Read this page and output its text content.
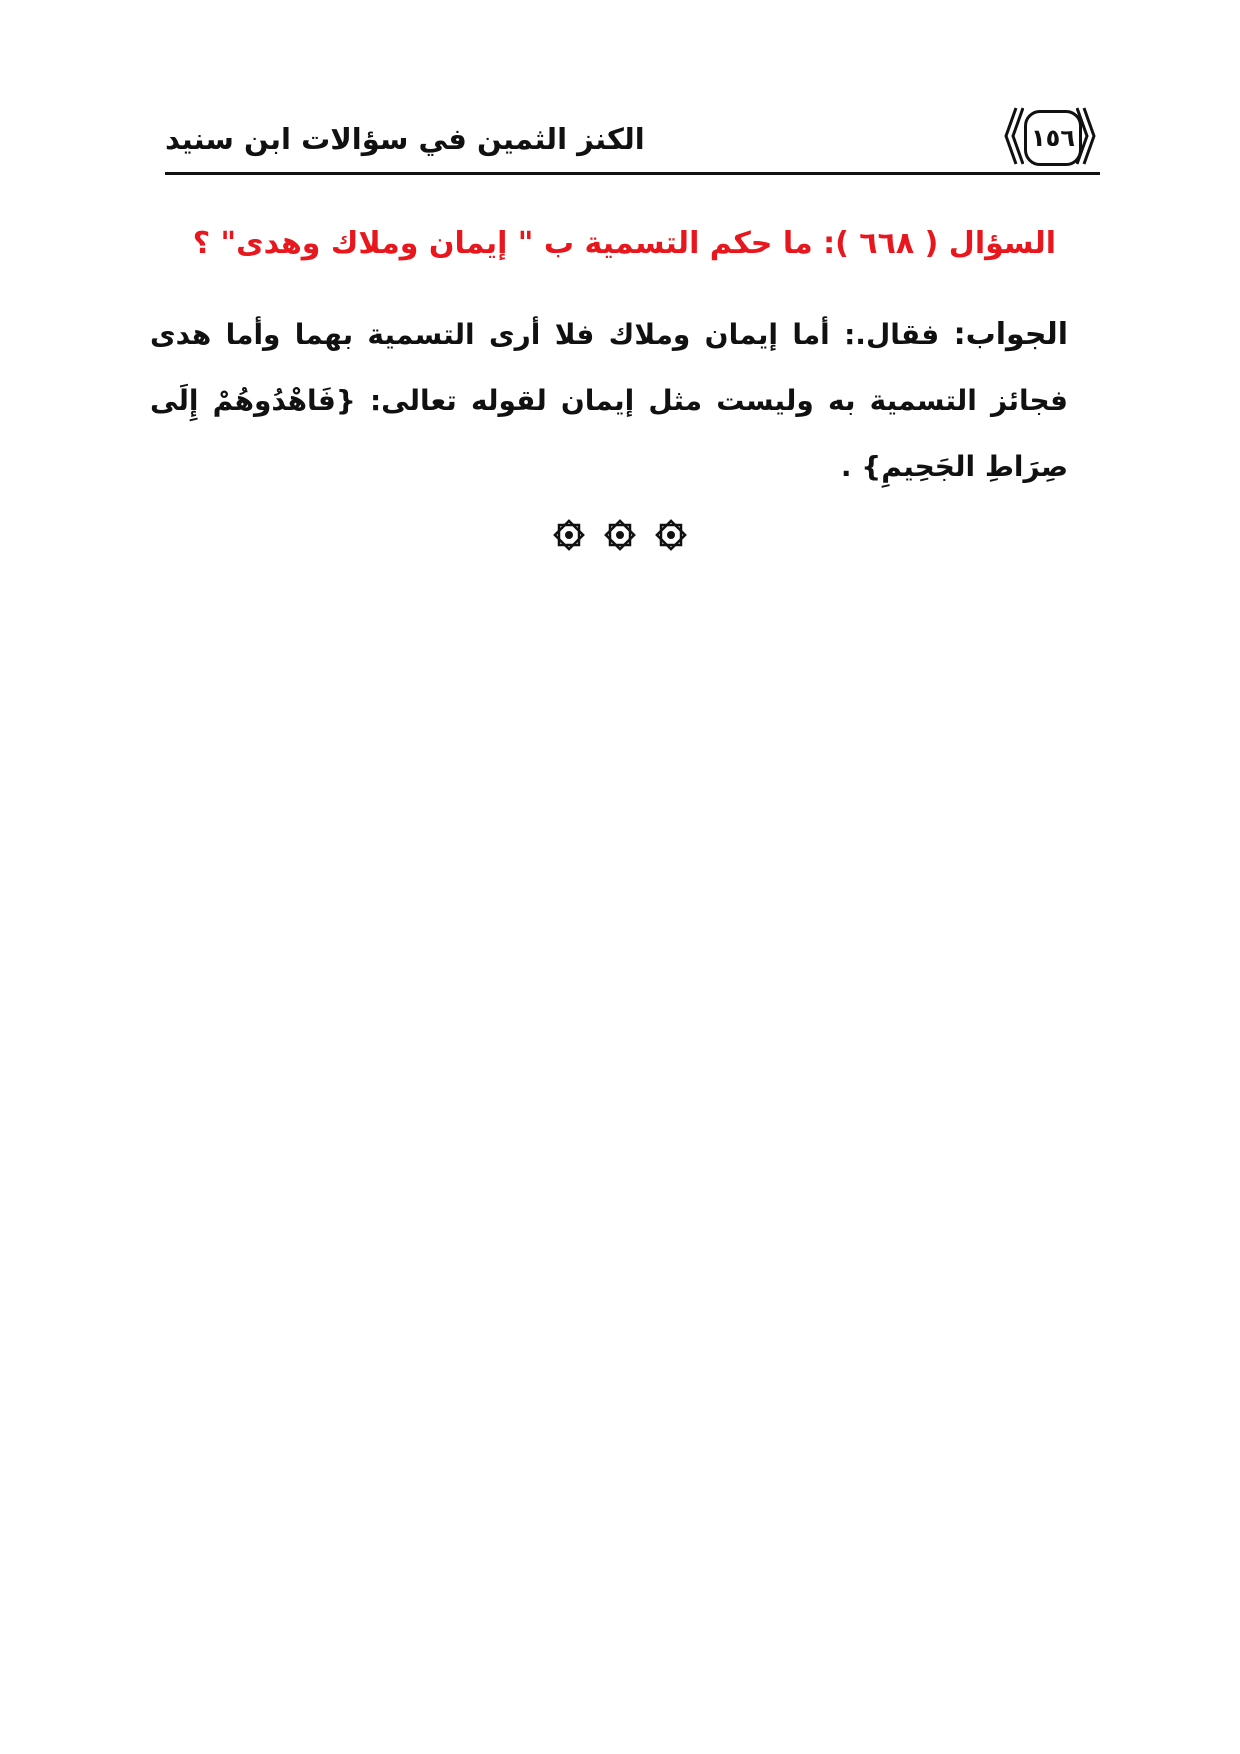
الكنز الثمين في سؤالات ابن سنيد	١٥٦
السؤال ( ٦٦٨ ): ما حكم التسمية ب " إيمان وملاك وهدى" ؟
الجواب: فقال.: أما إيمان وملاك فلا أرى التسمية بهما وأما هدى فجائز التسمية به وليست مثل إيمان لقوله تعالى: {فَاهْدُوهُمْ إِلَى صِرَاطِ الجَحِيمِ} .
